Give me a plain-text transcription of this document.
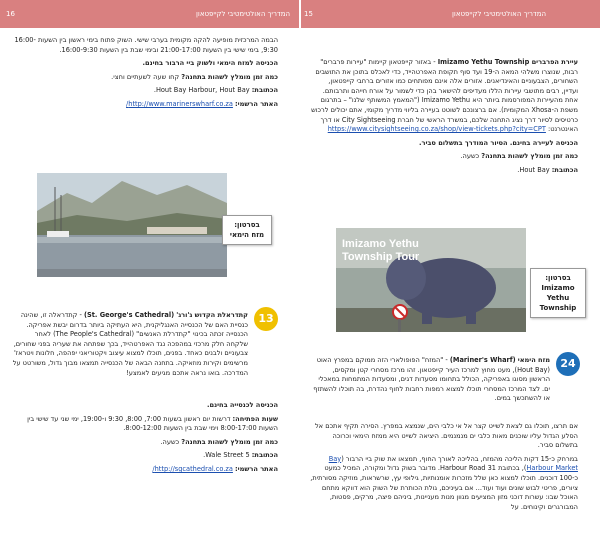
16	המדריך האולטימטיבי לקייפטאון 15	המדריך האולטימטיבי לקייפטאון

הבמה המרכזית מופיעה להקה מקומית בערבי שישי. השוק פתוח בימי ראשון בין השעות 16:00-9:30, בימי שישי בין השעות 21:00-17:00 ובימי שבת בין השעות 16:00-9:30.

הכניסה למזח הימאי ולשוק ביי הרבור בחינם.

כמה זמן מומלץ לשהות בתחנה? קחו שעה לשעתיים וחצי.

הכתובת: Hout Bay Harbour, Hout Bay.

האתר הרשמי: http://www.marinerswharf.co.za/

בסרטון:
מזח הימאי
13

קתדראלת הקדוש ג'ורג' (St. George's Cathedral) - קתדראלה זו, שהינה כנסיית האם של הכנסייה האנגליקנית, היא העתיקה ביותר בדרום יבשת אפריקה. הכנסייה זכתה בכינוי "קתדרלת האנשים" (The People's Cathedral) לאחר שלקחה חלק מרכזי במהפכה נגד האפרטהייד, בכך שפתחה את שעריה בפני שחורים, צבעוניים ולבנים כאחד. בפנים, תוכלו למצוא עיצוב ויקטוריאני יפהפה, חלונות ויטראז' מרשימים וקירות מוזאיקה. בתחנה הבאה של הכנסייה תמצאו מבוך גדול, משורטט על המדרכה. בואו נראה אתכם מגיעים לאמצע!

הכניסה לכנסייה בחינם.

שעות הפתיחה: דרשות יום ראשון בשעות 7:00, 8:00, 9:30 ו-19:00, ימי שני עד שישי בין השעות 8:00-17:00 וימי שבת בין השעות 8:00-12:00.

כמה זמן מומלץ לשהות בתחנה? כשעה.

הכתובת: 5 Wale Street.

האתר הרשמי: http://sgcathedral.co.za/

עיירת הפרברים Imizamo Yethu Township - באזור קייפטאון קיימות "עיירות פרברים" רבות, שנוצרו משלהי המאה ה-19 ועד סוף תקופת האפרטהייד, כדי לאכלס בתוכן את התושבים השחורים, הצבעוניים והאינדיאנים. אזורים אלה אינם מפותחים כמו אזורים ברחבי קייפטאון, ועדיין, רבים מתושבי עיירות הללו מעדיפים להישאר בהן כדי לשמור על אורח חייהם ותרבותם. אחת מהעיירות המפורסמות ביותר היא Imizamo Yethu ("המאמץ המשותף שלנו" – בתרגום משפת ה-Xhosa המקומית). אם ברצונכם לשוטט בעיירה בליווי מדריך מקומי, אתם יכולים לרכוש כרטיסים לסיור דרך נציג התחנה שלכם, במשרד הראשי של חברת City Sightseeing או דרך האינטרנט: https://www.citysightseeing.co.za/shop/view-tickets.php?city=CPT

הכניסה לעיירה בחינם. הסיור המודרך בתשלום סביר.

כמה זמן מומלץ לשהות בתחנה? כשעה.

הכתובת: Hout Bay.

Imizamo Yethu
Township Tour
בסרטון:
Imizamo Yethu
Township
24

מזח הימאי (Mariner's Wharf) - "המזח" הפופולארי הזה ממוקם במפרץ האוט (Hout Bay), מעט מחוץ למרכז העיר קייפטאון. זהו מרכז מסחרי קטן ומקסים, הראשון מסוגו באפריקה, הכולל בתחומו מסעדות דגים, ומסעדות המתמחות במאכלי ים. לצד המרכז המסחרי תוכלו למצוא רמפות רחבות לחוף נהדרת, בה תוכלו להשתזף או להשתכשך במים.

אם תרצו, תוכלו גם לצאת לשייט קצר אל אי כלבי הים, שנמצא במפרץ. הסירה תקיף אתכם אל הסלע הגדול עליו שוכנים מאות כלבי ים מנמנמים. היציאה לשייט היא ממזח הימאי וכרוכה בתשלום סביר.

במרחק כ-15 דקות הליכה מהמזח, בהליכה לאורך החוף, תמצאו את שוק ביי הרבור (Bay Harbour Market), בכתובת 31 Harbour Road. מדובר בשוק גדול ומקורה, המכיל כמעט כ-100 דוכנים. תוכלו למצוא כאן שלל מזכרות אומנותיות, גילופי עץ, שרשראות, מוזיקה מסורתית, ציורים, פריטי לבוש שונים ועוד ועוד... אם בעיניכם, גולת הכותרת של השוק הוא דווקא מתחם האוכל שבו: עשרות דוכני מזון המציעים מגוון מנות מעניינות, ביניהם פיצה, מרקים, פסטות, המבורגרים וקינוחים. על
